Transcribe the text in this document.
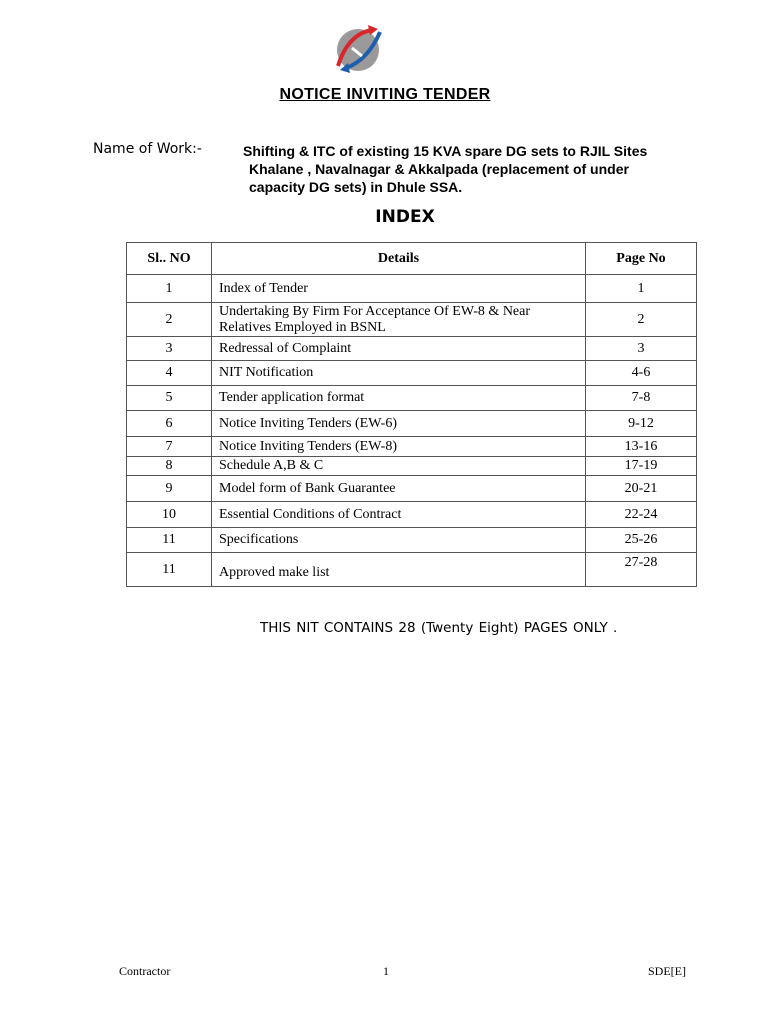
NOTICE INVITING TENDER
Name of Work:-	Shifting & ITC of existing 15 KVA spare DG sets to RJIL Sites
Khalane , Navalnagar & Akkalpada (replacement of under
capacity DG sets) in Dhule SSA.
INDEX
Sl.. NO	Details	Page No
1	Index of Tender	1
2	Undertaking By Firm For Acceptance Of EW-8 & Near Relatives Employed in BSNL	2
3	Redressal of Complaint	3
4	NIT Notification	4-6
5	Tender application format	7-8
6	Notice Inviting Tenders (EW-6)	9-12
7	Notice Inviting Tenders (EW-8)	13-16
8	Schedule A,B & C	17-19
9	Model form of Bank Guarantee	20-21
10	Essential Conditions of Contract	22-24
11	Specifications	25-26
11	Approved make list	27-28
THIS NIT CONTAINS 28 (Twenty Eight) PAGES ONLY .
Contractor	1	SDE[E]
